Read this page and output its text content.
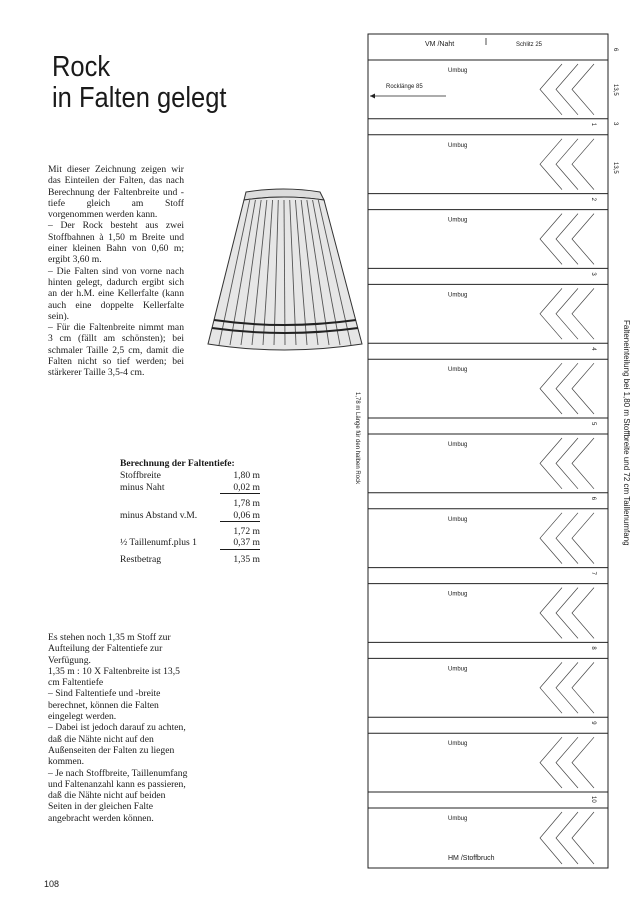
Rock
in Falten gelegt

Mit dieser Zeichnung zeigen wir das Einteilen der Falten, das nach Berechnung der Faltenbreite und -tiefe gleich am Stoff vorgenommen werden kann.

– Der Rock besteht aus zwei Stoffbahnen à 1,50 m Breite und einer kleinen Bahn von 0,60 m; ergibt 3,60 m.

– Die Falten sind von vorne nach hinten gelegt, dadurch ergibt sich an der h.M. eine Kellerfalte (kann auch eine doppelte Kellerfalte sein).

– Für die Faltenbreite nimmt man 3 cm (fällt am schönsten); bei schmaler Taille 2,5 cm, damit die Falten nicht so tief werden; bei stärkerer Taille 3,5-4 cm.

Berechnung der Faltentiefe:
Stoffbreite	1,80 m
minus Naht	0,02 m
1,78 m
minus Abstand v.M.	0,06 m
1,72 m
½ Taillenumf.plus 1	0,37 m
Restbetrag	1,35 m

Es stehen noch 1,35 m Stoff zur Aufteilung der Faltentiefe zur Verfügung.

1,35 m : 10 X Faltenbreite ist 13,5 cm Faltentiefe

– Sind Faltentiefe und -breite berechnet, können die Falten eingelegt werden.

– Dabei ist jedoch darauf zu achten, daß die Nähte nicht auf den Außenseiten der Falten zu liegen kommen.

– Je nach Stoffbreite, Taillenumfang und Faltenanzahl kann es passieren, daß die Nähte nicht auf beiden Seiten in der gleichen Falte angebracht werden können.

108
VM /Naht	Schlitz 25
Rocklänge 85
Umbug
1
Umbug
2
Umbug
3
Umbug
4
Umbug
5
Umbug
6
Umbug
7
Umbug
8
Umbug
9
Umbug
10
Umbug
HM /Stoffbruch
1,78 m Länge für den halben Rock	Falteneinteilung bei 1,80 m Stoffbreite und 72 cm Taillenumfang
6
13,5
3
13,5
